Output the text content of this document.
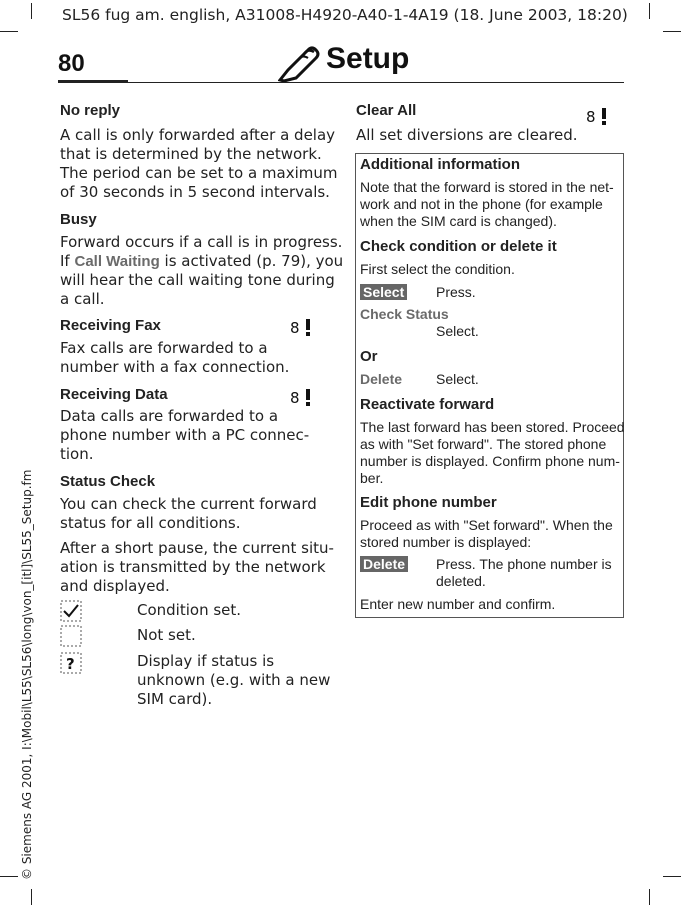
SL56 fug am. english, A31008-H4920-A40-1-4A19 (18. June 2003, 18:20)
© Siemens AG 2001, I:\Mobil\L55\SL56\long\von_[itl]\SL55_Setup.fm
80	Setup
No reply
A call is only forwarded after a delay
that is determined by the network.
The period can be set to a maximum
of 30 seconds in 5 second intervals.
Busy
Forward occurs if a call is in progress.
If Call Waiting is activated (p. 79), you
will hear the call waiting tone during
a call.
Receiving Fax	8
Fax calls are forwarded to a
number with a fax connection.
Receiving Data	8
Data calls are forwarded to a
phone number with a PC connec-
tion.
Status Check
You can check the current forward
status for all conditions.
After a short pause, the current situ-
ation is transmitted by the network
and displayed.
Condition set.
Not set.
?	Display if status is
unknown (e.g. with a new
SIM card).
Clear All	8
All set diversions are cleared.
Additional information
Note that the forward is stored in the net-
work and not in the phone (for example
when the SIM card is changed).
Check condition or delete it
First select the condition.
Select Press.
Check Status
Select.
Or
Delete Select.
Reactivate forward
The last forward has been stored. Proceed
as with "Set forward". The stored phone
number is displayed. Confirm phone num-
ber.
Edit phone number
Proceed as with "Set forward". When the
stored number is displayed:
Delete Press. The phone number is
deleted.
Enter new number and confirm.
